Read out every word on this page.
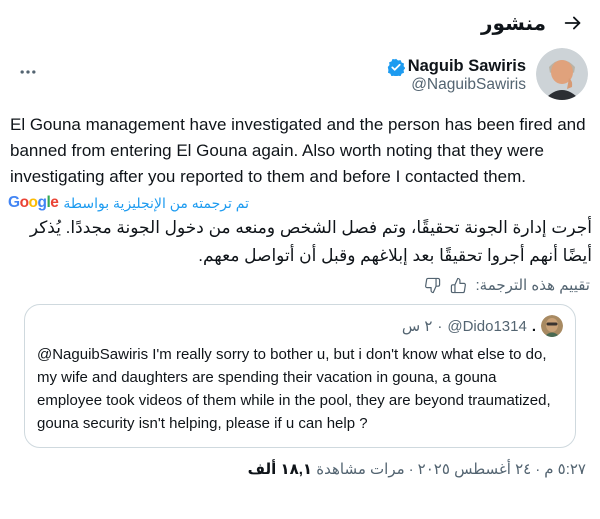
منشور
Naguib Sawiris
@NaguibSawiris
El Gouna management have investigated and the person has been fired and banned from entering El Gouna again. Also worth noting that they were investigating after you reported to them and before I contacted them.
Google تم ترجمته من الإنجليزية بواسطة
أجرت إدارة الجونة تحقيقًا، وتم فصل الشخص ومنعه من دخول الجونة مجددًا. يُذكر أيضًا أنهم أجروا تحقيقًا بعد إبلاغهم وقبل أن أتواصل معهم.
تقييم هذه الترجمة:
.
@Dido1314
·
٢ س
@NaguibSawiris I'm really sorry to bother u, but i don't know what else to do, my wife and daughters are spending their vacation in gouna, a gouna employee took videos of them while in the pool, they are beyond traumatized, gouna security isn't helping, please if u can help ?
٥:٢٧ م·٢٤ أغسطس ٢٠٢٥·مرات مشاهدة ١٨,١ ألف
